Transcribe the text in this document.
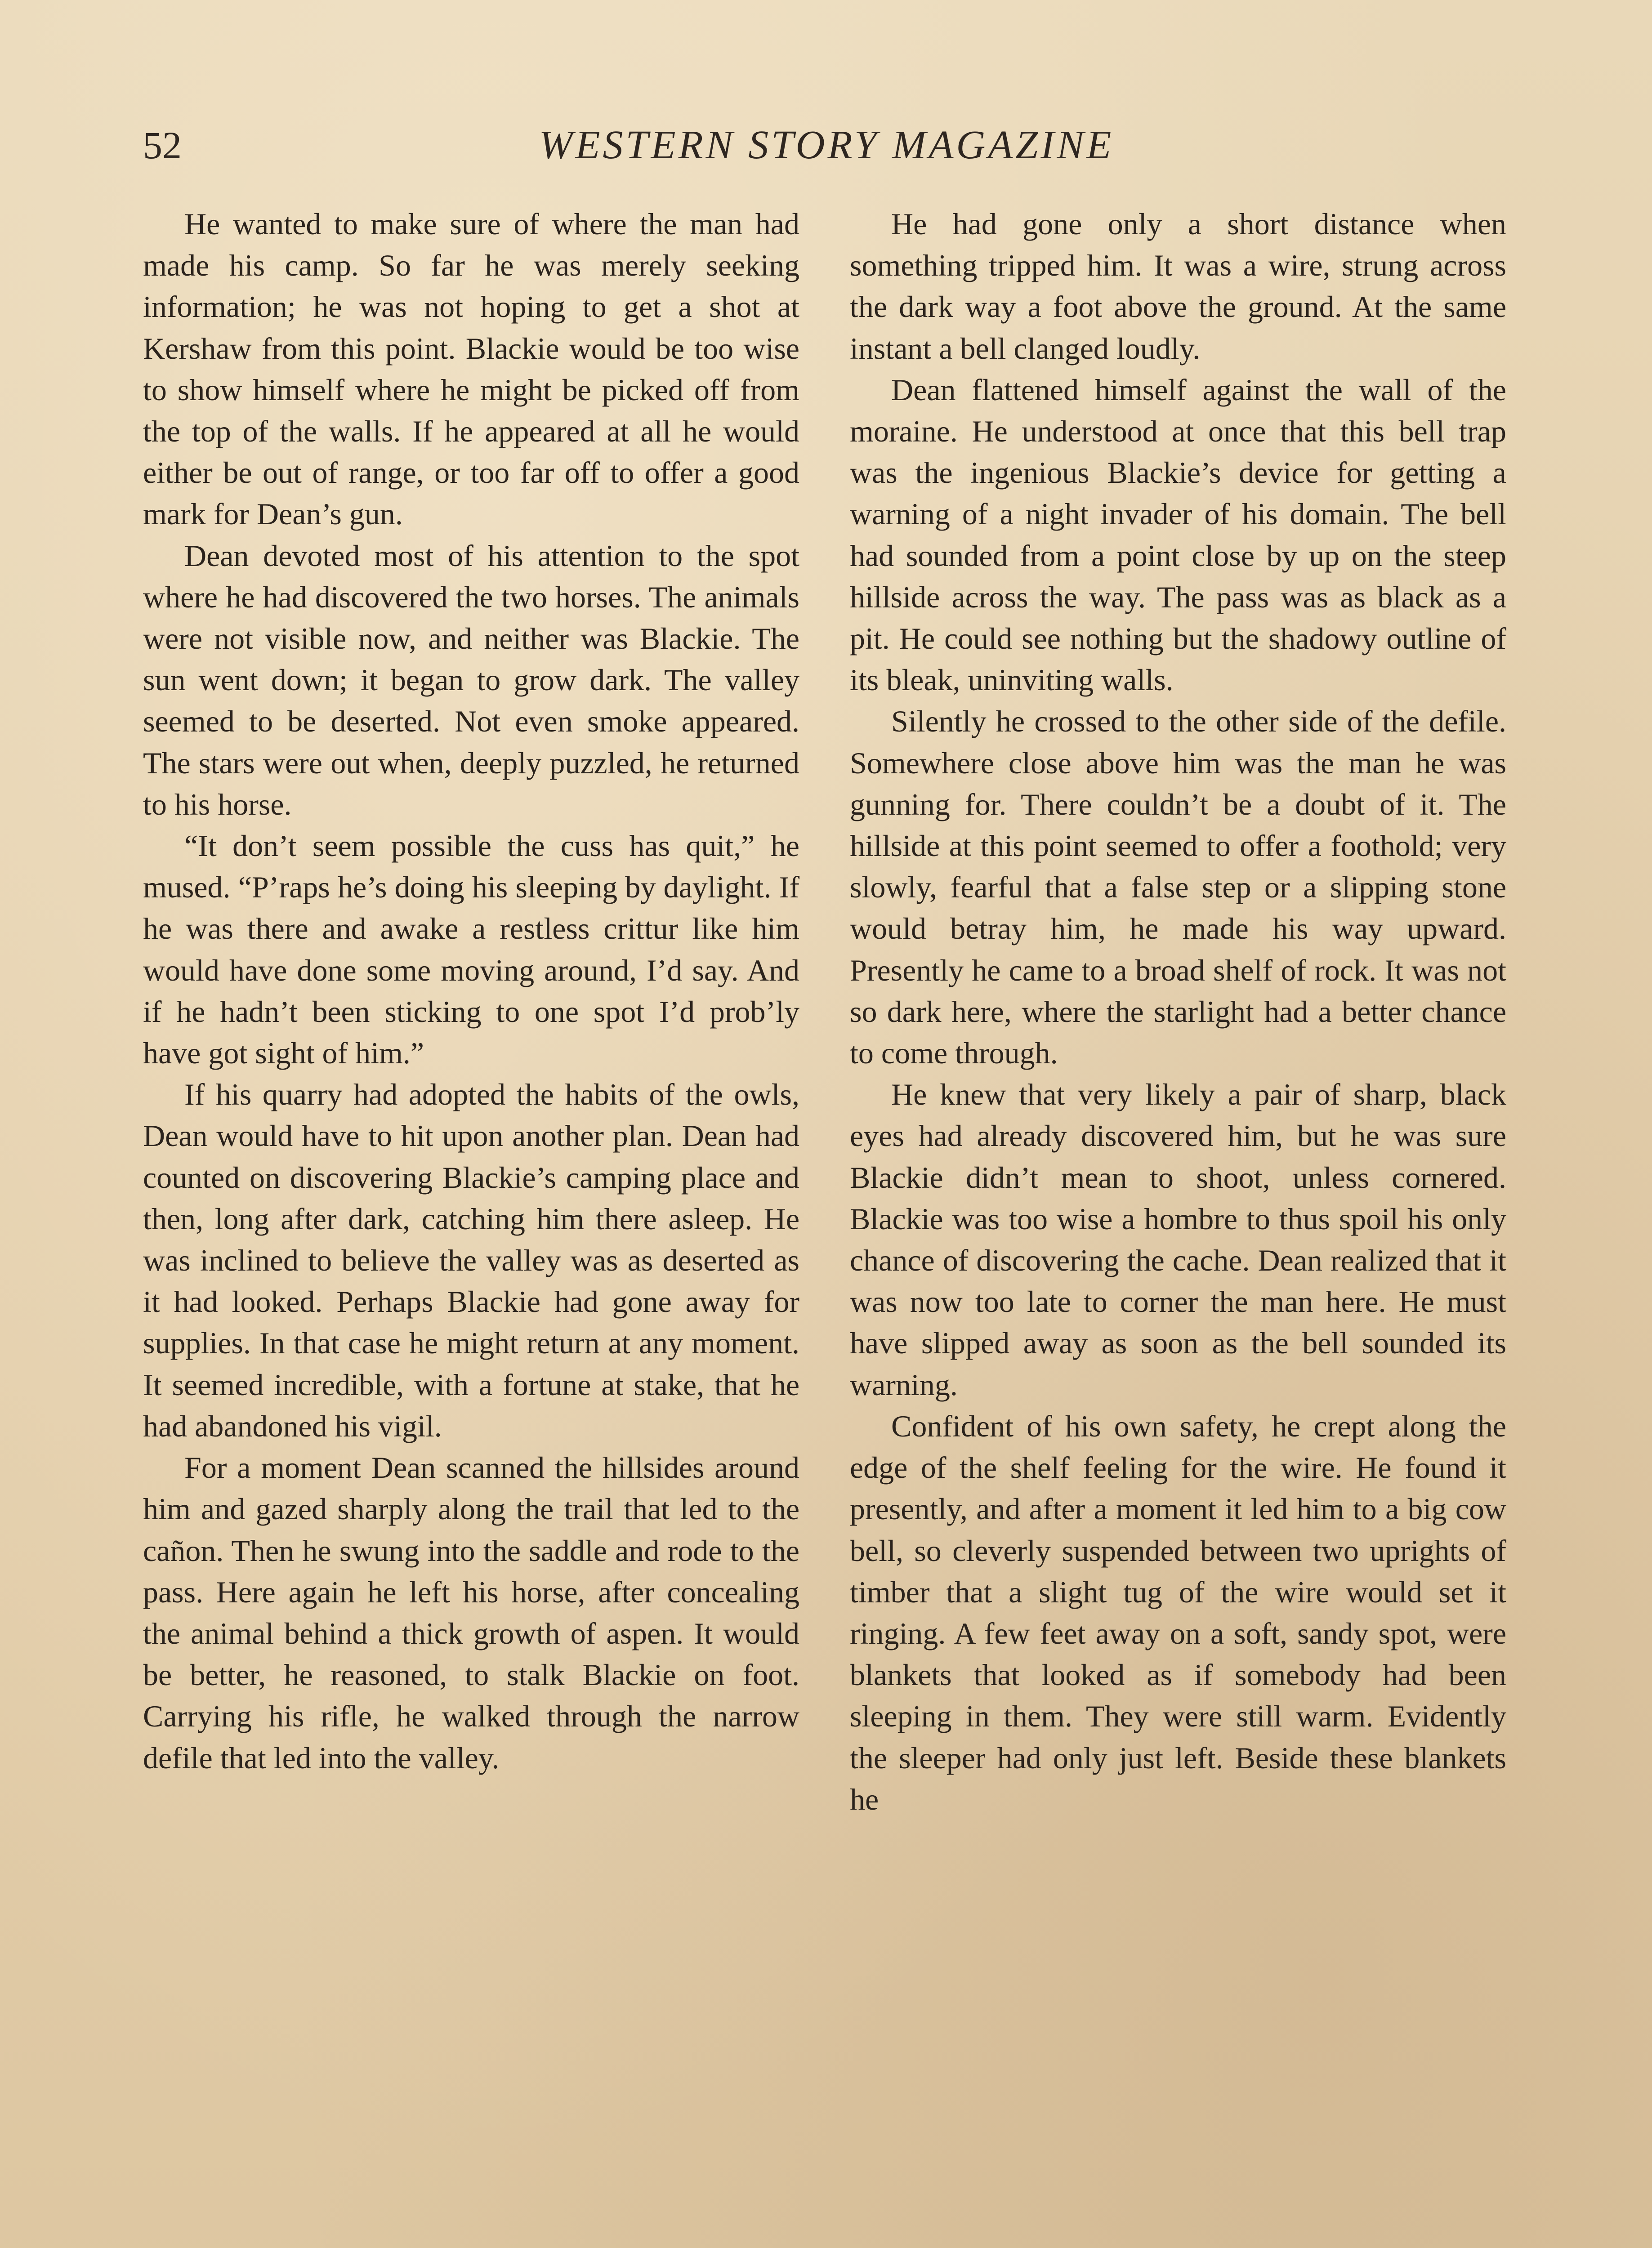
52	WESTERN STORY MAGAZINE

He wanted to make sure of where the man had made his camp. So far he was merely seeking information; he was not hoping to get a shot at Kershaw from this point. Blackie would be too wise to show himself where he might be picked off from the top of the walls. If he appeared at all he would either be out of range, or too far off to offer a good mark for Dean’s gun.

Dean devoted most of his attention to the spot where he had discovered the two horses. The animals were not visible now, and neither was Blackie. The sun went down; it began to grow dark. The valley seemed to be deserted. Not even smoke appeared. The stars were out when, deeply puzzled, he returned to his horse.

“It don’t seem possible the cuss has quit,” he mused. “P’raps he’s doing his sleeping by daylight. If he was there and awake a restless crittur like him would have done some moving around, I’d say. And if he hadn’t been sticking to one spot I’d prob’ly have got sight of him.”

If his quarry had adopted the habits of the owls, Dean would have to hit upon another plan. Dean had counted on discovering Blackie’s camping place and then, long after dark, catching him there asleep. He was inclined to believe the valley was as deserted as it had looked. Perhaps Blackie had gone away for supplies. In that case he might return at any moment. It seemed incredible, with a fortune at stake, that he had abandoned his vigil.

For a moment Dean scanned the hillsides around him and gazed sharply along the trail that led to the cañon. Then he swung into the saddle and rode to the pass. Here again he left his horse, after concealing the animal behind a thick growth of aspen. It would be better, he reasoned, to stalk Blackie on foot. Carrying his rifle, he walked through the narrow defile that led into the valley.

He had gone only a short distance when something tripped him. It was a wire, strung across the dark way a foot above the ground. At the same instant a bell clanged loudly.

Dean flattened himself against the wall of the moraine. He understood at once that this bell trap was the ingenious Blackie’s device for getting a warning of a night invader of his domain. The bell had sounded from a point close by up on the steep hillside across the way. The pass was as black as a pit. He could see nothing but the shadowy outline of its bleak, uninviting walls.

Silently he crossed to the other side of the defile. Somewhere close above him was the man he was gunning for. There couldn’t be a doubt of it. The hillside at this point seemed to offer a foothold; very slowly, fearful that a false step or a slipping stone would betray him, he made his way upward. Presently he came to a broad shelf of rock. It was not so dark here, where the starlight had a better chance to come through.

He knew that very likely a pair of sharp, black eyes had already discovered him, but he was sure Blackie didn’t mean to shoot, unless cornered. Blackie was too wise a hombre to thus spoil his only chance of discovering the cache. Dean realized that it was now too late to corner the man here. He must have slipped away as soon as the bell sounded its warning.

Confident of his own safety, he crept along the edge of the shelf feeling for the wire. He found it presently, and after a moment it led him to a big cow bell, so cleverly suspended between two uprights of timber that a slight tug of the wire would set it ringing. A few feet away on a soft, sandy spot, were blankets that looked as if somebody had been sleeping in them. They were still warm. Evidently the sleeper had only just left. Beside these blankets he
